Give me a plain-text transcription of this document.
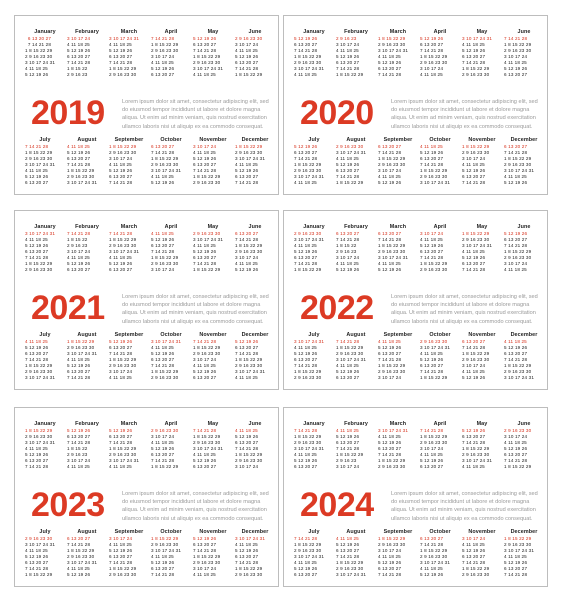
January
6 13 20 27
7 14 21 28
1 8 15 22 29
2 9 16 23 30
3 10 17 24 31
4 11 18 25
5 12 19 26
February
3 10 17 24
4 11 18 25
5 12 19 26
6 13 20 27
7 14 21 28
1 8 15 22
2 9 16 23
March
3 10 17 24 31
4 11 18 25
5 12 19 26
6 13 20 27
7 14 21 28
1 8 15 22 29
2 9 16 23 30
April
7 14 21 28
1 8 15 22 29
2 9 16 23 30
3 10 17 24
4 11 18 25
5 12 19 26
6 13 20 27
May
5 12 19 26
6 13 20 27
7 14 21 28
1 8 15 22 29
2 9 16 23 30
3 10 17 24 31
4 11 18 25
June
2 9 16 23 30
3 10 17 24
4 11 18 25
5 12 19 26
6 13 20 27
7 14 21 28
1 8 15 22 29
July
7 14 21 28
1 8 15 22 29
2 9 16 23 30
3 10 17 24 31
4 11 18 25
5 12 19 26
6 13 20 27
August
4 11 18 25
5 12 19 26
6 13 20 27
7 14 21 28
1 8 15 22 29
2 9 16 23 30
3 10 17 24 31
September
1 8 15 22 29
2 9 16 23 30
3 10 17 24
4 11 18 25
5 12 19 26
6 13 20 27
7 14 21 28
October
6 13 20 27
7 14 21 28
1 8 15 22 29
2 9 16 23 30
3 10 17 24 31
4 11 18 25
5 12 19 26
November
3 10 17 24
4 11 18 25
5 12 19 26
6 13 20 27
7 14 21 28
1 8 15 22 29
2 9 16 23 30
December
1 8 15 22 29
2 9 16 23 30
3 10 17 24 31
4 11 18 25
5 12 19 26
6 13 20 27
7 14 21 28
2019	Lorem ipsum dolor sit amet, consectetur adipiscing elit, sed do eiusmod tempor incididunt ut labore et dolore magna aliqua. Ut enim ad minim veniam, quis nostrud exercitation ullamco laboris nisi ut aliquip ex ea commodo consequat.
January
5 12 19 26
6 13 20 27
7 14 21 28
1 8 15 22 29
2 9 16 23 30
3 10 17 24 31
4 11 18 25
February
2 9 16 23
3 10 17 24
4 11 18 25
5 12 19 26
6 13 20 27
7 14 21 28
1 8 15 22 29
March
1 8 15 22 29
2 9 16 23 30
3 10 17 24 31
4 11 18 25
5 12 19 26
6 13 20 27
7 14 21 28
April
5 12 19 26
6 13 20 27
7 14 21 28
1 8 15 22 29
2 9 16 23 30
3 10 17 24
4 11 18 25
May
3 10 17 24 31
4 11 18 25
5 12 19 26
6 13 20 27
7 14 21 28
1 8 15 22 29
2 9 16 23 30
June
7 14 21 28
1 8 15 22 29
2 9 16 23 30
3 10 17 24
4 11 18 25
5 12 19 26
6 13 20 27
July
5 12 19 26
6 13 20 27
7 14 21 28
1 8 15 22 29
2 9 16 23 30
3 10 17 24 31
4 11 18 25
August
2 9 16 23 30
3 10 17 24 31
4 11 18 25
5 12 19 26
6 13 20 27
7 14 21 28
1 8 15 22 29
September
6 13 20 27
7 14 21 28
1 8 15 22 29
2 9 16 23 30
3 10 17 24
4 11 18 25
5 12 19 26
October
4 11 18 25
5 12 19 26
6 13 20 27
7 14 21 28
1 8 15 22 29
2 9 16 23 30
3 10 17 24 31
November
1 8 15 22 29
2 9 16 23 30
3 10 17 24
4 11 18 25
5 12 19 26
6 13 20 27
7 14 21 28
December
6 13 20 27
7 14 21 28
1 8 15 22 29
2 9 16 23 30
3 10 17 24 31
4 11 18 25
5 12 19 26
2020	Lorem ipsum dolor sit amet, consectetur adipiscing elit, sed do eiusmod tempor incididunt ut labore et dolore magna aliqua. Ut enim ad minim veniam, quis nostrud exercitation ullamco laboris nisi ut aliquip ex ea commodo consequat.
January
3 10 17 24 31
4 11 18 25
5 12 19 26
6 13 20 27
7 14 21 28
1 8 15 22 29
2 9 16 23 30
February
7 14 21 28
1 8 15 22
2 9 16 23
3 10 17 24
4 11 18 25
5 12 19 26
6 13 20 27
March
7 14 21 28
1 8 15 22 29
2 9 16 23 30
3 10 17 24 31
4 11 18 25
5 12 19 26
6 13 20 27
April
4 11 18 25
5 12 19 26
6 13 20 27
7 14 21 28
1 8 15 22 29
2 9 16 23 30
3 10 17 24
May
2 9 16 23 30
3 10 17 24 31
4 11 18 25
5 12 19 26
6 13 20 27
7 14 21 28
1 8 15 22 29
June
6 13 20 27
7 14 21 28
1 8 15 22 29
2 9 16 23 30
3 10 17 24
4 11 18 25
5 12 19 26
July
4 11 18 25
5 12 19 26
6 13 20 27
7 14 21 28
1 8 15 22 29
2 9 16 23 30
3 10 17 24 31
August
1 8 15 22 29
2 9 16 23 30
3 10 17 24 31
4 11 18 25
5 12 19 26
6 13 20 27
7 14 21 28
September
5 12 19 26
6 13 20 27
7 14 21 28
1 8 15 22 29
2 9 16 23 30
3 10 17 24
4 11 18 25
October
3 10 17 24 31
4 11 18 25
5 12 19 26
6 13 20 27
7 14 21 28
1 8 15 22 29
2 9 16 23 30
November
7 14 21 28
1 8 15 22 29
2 9 16 23 30
3 10 17 24
4 11 18 25
5 12 19 26
6 13 20 27
December
5 12 19 26
6 13 20 27
7 14 21 28
1 8 15 22 29
2 9 16 23 30
3 10 17 24 31
4 11 18 25
2021	Lorem ipsum dolor sit amet, consectetur adipiscing elit, sed do eiusmod tempor incididunt ut labore et dolore magna aliqua. Ut enim ad minim veniam, quis nostrud exercitation ullamco laboris nisi ut aliquip ex ea commodo consequat.
January
2 9 16 23 30
3 10 17 24 31
4 11 18 25
5 12 19 26
6 13 20 27
7 14 21 28
1 8 15 22 29
February
6 13 20 27
7 14 21 28
1 8 15 22
2 9 16 23
3 10 17 24
4 11 18 25
5 12 19 26
March
6 13 20 27
7 14 21 28
1 8 15 22 29
2 9 16 23 30
3 10 17 24 31
4 11 18 25
5 12 19 26
April
3 10 17 24
4 11 18 25
5 12 19 26
6 13 20 27
7 14 21 28
1 8 15 22 29
2 9 16 23 30
May
1 8 15 22 29
2 9 16 23 30
3 10 17 24 31
4 11 18 25
5 12 19 26
6 13 20 27
7 14 21 28
June
5 12 19 26
6 13 20 27
7 14 21 28
1 8 15 22 29
2 9 16 23 30
3 10 17 24
4 11 18 25
July
3 10 17 24 31
4 11 18 25
5 12 19 26
6 13 20 27
7 14 21 28
1 8 15 22 29
2 9 16 23 30
August
7 14 21 28
1 8 15 22 29
2 9 16 23 30
3 10 17 24 31
4 11 18 25
5 12 19 26
6 13 20 27
September
4 11 18 25
5 12 19 26
6 13 20 27
7 14 21 28
1 8 15 22 29
2 9 16 23 30
3 10 17 24
October
2 9 16 23 30
3 10 17 24 31
4 11 18 25
5 12 19 26
6 13 20 27
7 14 21 28
1 8 15 22 29
November
6 13 20 27
7 14 21 28
1 8 15 22 29
2 9 16 23 30
3 10 17 24
4 11 18 25
5 12 19 26
December
4 11 18 25
5 12 19 26
6 13 20 27
7 14 21 28
1 8 15 22 29
2 9 16 23 30
3 10 17 24 31
2022	Lorem ipsum dolor sit amet, consectetur adipiscing elit, sed do eiusmod tempor incididunt ut labore et dolore magna aliqua. Ut enim ad minim veniam, quis nostrud exercitation ullamco laboris nisi ut aliquip ex ea commodo consequat.
January
1 8 15 22 29
2 9 16 23 30
3 10 17 24 31
4 11 18 25
5 12 19 26
6 13 20 27
7 14 21 28
February
5 12 19 26
6 13 20 27
7 14 21 28
1 8 15 22
2 9 16 23
3 10 17 24
4 11 18 25
March
5 12 19 26
6 13 20 27
7 14 21 28
1 8 15 22 29
2 9 16 23 30
3 10 17 24 31
4 11 18 25
April
2 9 16 23 30
3 10 17 24
4 11 18 25
5 12 19 26
6 13 20 27
7 14 21 28
1 8 15 22 29
May
7 14 21 28
1 8 15 22 29
2 9 16 23 30
3 10 17 24 31
4 11 18 25
5 12 19 26
6 13 20 27
June
4 11 18 25
5 12 19 26
6 13 20 27
7 14 21 28
1 8 15 22 29
2 9 16 23 30
3 10 17 24
July
2 9 16 23 30
3 10 17 24 31
4 11 18 25
5 12 19 26
6 13 20 27
7 14 21 28
1 8 15 22 29
August
6 13 20 27
7 14 21 28
1 8 15 22 29
2 9 16 23 30
3 10 17 24 31
4 11 18 25
5 12 19 26
September
3 10 17 24
4 11 18 25
5 12 19 26
6 13 20 27
7 14 21 28
1 8 15 22 29
2 9 16 23 30
October
1 8 15 22 29
2 9 16 23 30
3 10 17 24 31
4 11 18 25
5 12 19 26
6 13 20 27
7 14 21 28
November
5 12 19 26
6 13 20 27
7 14 21 28
1 8 15 22 29
2 9 16 23 30
3 10 17 24
4 11 18 25
December
3 10 17 24 31
4 11 18 25
5 12 19 26
6 13 20 27
7 14 21 28
1 8 15 22 29
2 9 16 23 30
2023	Lorem ipsum dolor sit amet, consectetur adipiscing elit, sed do eiusmod tempor incididunt ut labore et dolore magna aliqua. Ut enim ad minim veniam, quis nostrud exercitation ullamco laboris nisi ut aliquip ex ea commodo consequat.
January
7 14 21 28
1 8 15 22 29
2 9 16 23 30
3 10 17 24 31
4 11 18 25
5 12 19 26
6 13 20 27
February
4 11 18 25
5 12 19 26
6 13 20 27
7 14 21 28
1 8 15 22 29
2 9 16 23
3 10 17 24
March
3 10 17 24 31
4 11 18 25
5 12 19 26
6 13 20 27
7 14 21 28
1 8 15 22 29
2 9 16 23 30
April
7 14 21 28
1 8 15 22 29
2 9 16 23 30
3 10 17 24
4 11 18 25
5 12 19 26
6 13 20 27
May
5 12 19 26
6 13 20 27
7 14 21 28
1 8 15 22 29
2 9 16 23 30
3 10 17 24 31
4 11 18 25
June
2 9 16 23 30
3 10 17 24
4 11 18 25
5 12 19 26
6 13 20 27
7 14 21 28
1 8 15 22 29
July
7 14 21 28
1 8 15 22 29
2 9 16 23 30
3 10 17 24 31
4 11 18 25
5 12 19 26
6 13 20 27
August
4 11 18 25
5 12 19 26
6 13 20 27
7 14 21 28
1 8 15 22 29
2 9 16 23 30
3 10 17 24 31
September
1 8 15 22 29
2 9 16 23 30
3 10 17 24
4 11 18 25
5 12 19 26
6 13 20 27
7 14 21 28
October
6 13 20 27
7 14 21 28
1 8 15 22 29
2 9 16 23 30
3 10 17 24 31
4 11 18 25
5 12 19 26
November
3 10 17 24
4 11 18 25
5 12 19 26
6 13 20 27
7 14 21 28
1 8 15 22 29
2 9 16 23 30
December
1 8 15 22 29
2 9 16 23 30
3 10 17 24 31
4 11 18 25
5 12 19 26
6 13 20 27
7 14 21 28
2024	Lorem ipsum dolor sit amet, consectetur adipiscing elit, sed do eiusmod tempor incididunt ut labore et dolore magna aliqua. Ut enim ad minim veniam, quis nostrud exercitation ullamco laboris nisi ut aliquip ex ea commodo consequat.
